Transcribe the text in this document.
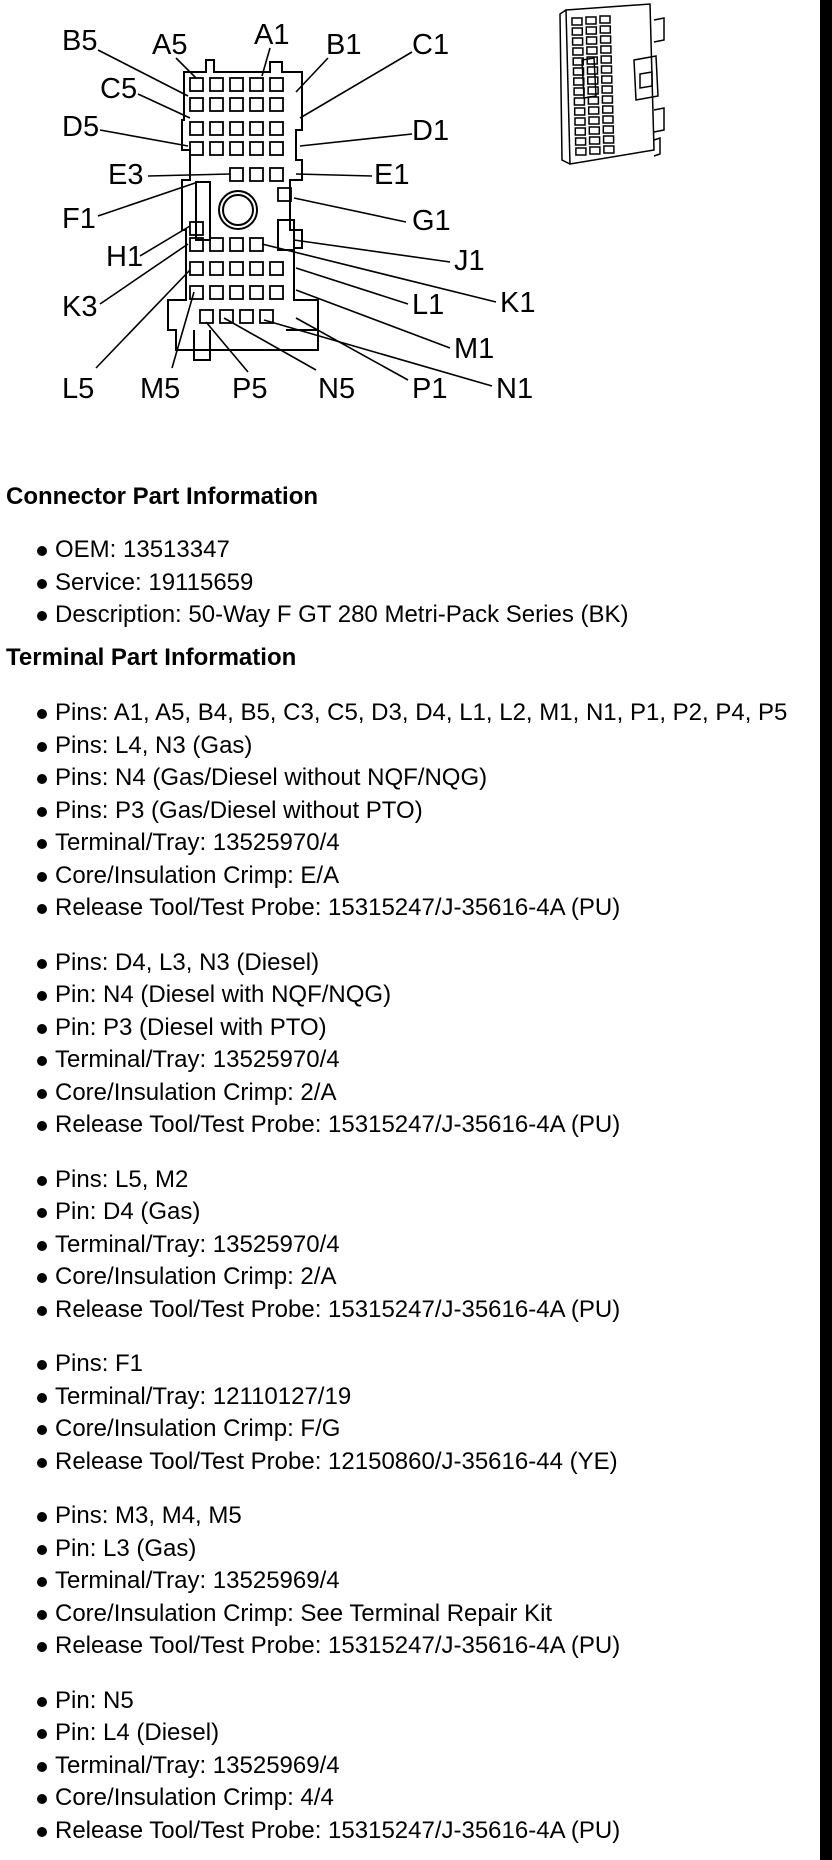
A1
A5	B1
B5	C1
C5
D1
D5
E1
E3
F1	G1
H1	J1
K1
K3	L1
L5
M1
M5	N1
N5 P1
P5
Connector Part Information
OEM: 13513347
Service: 19115659
Description: 50-Way F GT 280 Metri-Pack Series (BK)
Terminal Part Information
Pins: A1, A5, B4, B5, C3, C5, D3, D4, L1, L2, M1, N1, P1, P2, P4, P5
Pins: L4, N3 (Gas)
Pins: N4 (Gas/Diesel without NQF/NQG)
Pins: P3 (Gas/Diesel without PTO)
Terminal/Tray: 13525970/4
Core/Insulation Crimp: E/A
Release Tool/Test Probe: 15315247/J-35616-4A (PU)
Pins: D4, L3, N3 (Diesel)
Pin: N4 (Diesel with NQF/NQG)
Pin: P3 (Diesel with PTO)
Terminal/Tray: 13525970/4
Core/Insulation Crimp: 2/A
Release Tool/Test Probe: 15315247/J-35616-4A (PU)
Pins: L5, M2
Pin: D4 (Gas)
Terminal/Tray: 13525970/4
Core/Insulation Crimp: 2/A
Release Tool/Test Probe: 15315247/J-35616-4A (PU)
Pins: F1
Terminal/Tray: 12110127/19
Core/Insulation Crimp: F/G
Release Tool/Test Probe: 12150860/J-35616-44 (YE)
Pins: M3, M4, M5
Pin: L3 (Gas)
Terminal/Tray: 13525969/4
Core/Insulation Crimp: See Terminal Repair Kit
Release Tool/Test Probe: 15315247/J-35616-4A (PU)
Pin: N5
Pin: L4 (Diesel)
Terminal/Tray: 13525969/4
Core/Insulation Crimp: 4/4
Release Tool/Test Probe: 15315247/J-35616-4A (PU)
